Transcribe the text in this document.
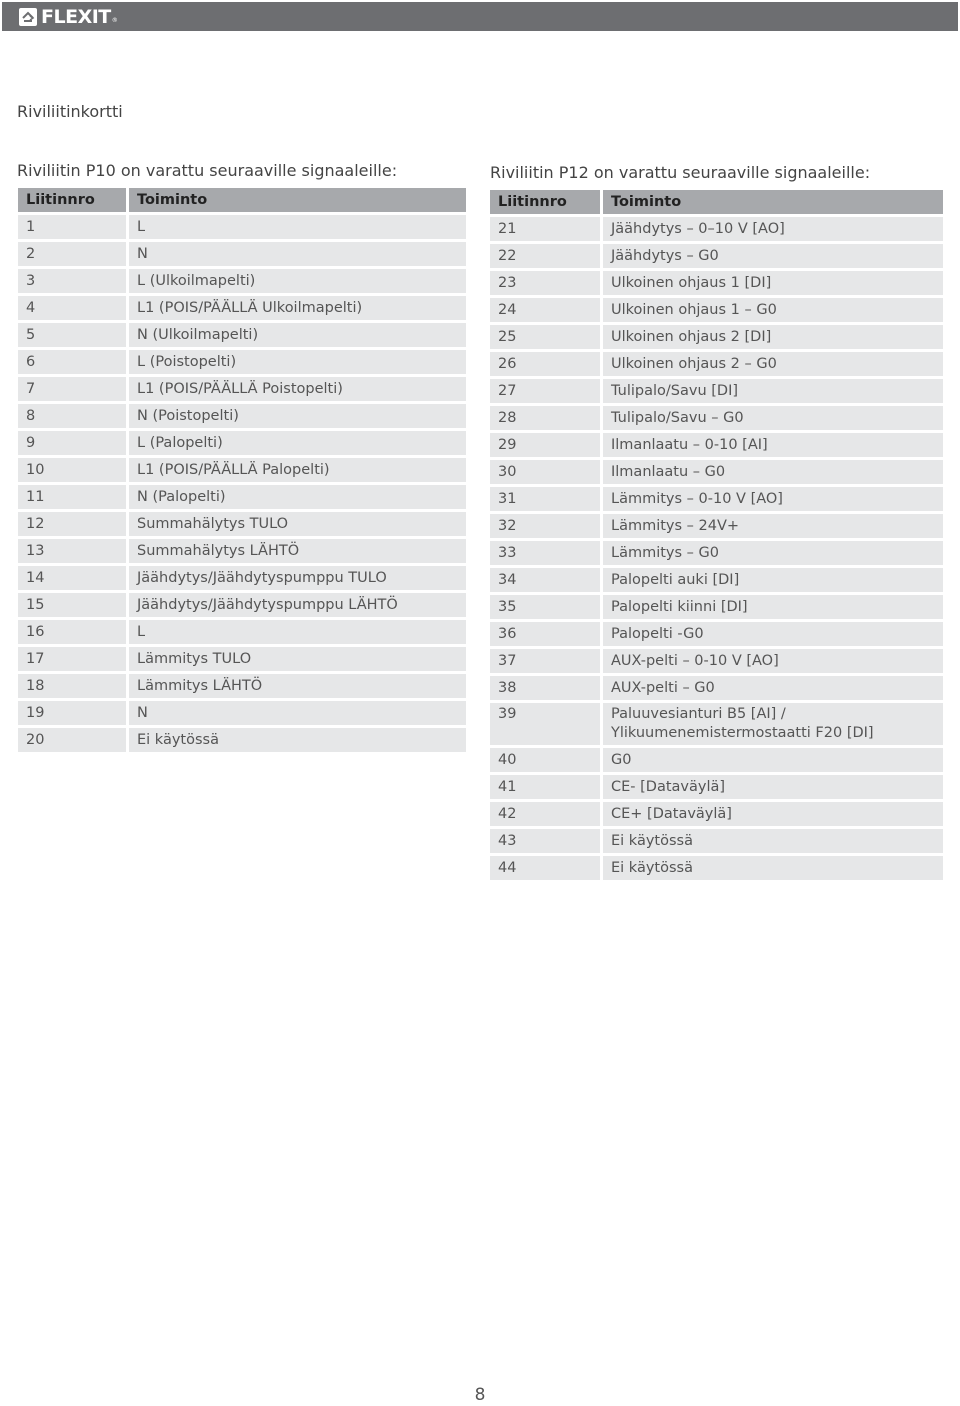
FLEXIT ®
Riviliitinkortti

Riviliitin P10 on varattu seuraaville signaaleille:

Liitinnro	Toiminto
1	L
2	N
3	L (Ulkoilmapelti)
4	L1 (POIS/PÄÄLLÄ Ulkoilmapelti)
5	N (Ulkoilmapelti)
6	L (Poistopelti)
7	L1 (POIS/PÄÄLLÄ Poistopelti)
8	N (Poistopelti)
9	L (Palopelti)
10	L1 (POIS/PÄÄLLÄ Palopelti)
11	N (Palopelti)
12	Summahälytys TULO
13	Summahälytys LÄHTÖ
14	Jäähdytys/Jäähdytyspumppu TULO
15	Jäähdytys/Jäähdytyspumppu LÄHTÖ
16	L
17	Lämmitys TULO
18	Lämmitys LÄHTÖ
19	N
20	Ei käytössä

Riviliitin P12 on varattu seuraaville signaaleille:

Liitinnro	Toiminto
21	Jäähdytys – 0–10 V [AO]
22	Jäähdytys – G0
23	Ulkoinen ohjaus 1 [DI]
24	Ulkoinen ohjaus 1 – G0
25	Ulkoinen ohjaus 2 [DI]
26	Ulkoinen ohjaus 2 – G0
27	Tulipalo/Savu [DI]
28	Tulipalo/Savu – G0
29	Ilmanlaatu – 0-10 [AI]
30	Ilmanlaatu – G0
31	Lämmitys – 0-10 V [AO]
32	Lämmitys – 24V+
33	Lämmitys – G0
34	Palopelti auki [DI]
35	Palopelti kiinni [DI]
36	Palopelti -G0
37	AUX-pelti – 0-10 V [AO]
38	AUX-pelti – G0
39	Paluuvesianturi B5 [AI] /
Ylikuumenemistermostaatti F20 [DI]

40	G0
41	CE- [Dataväylä]
42	CE+ [Dataväylä]
43	Ei käytössä
44	Ei käytössä
8
